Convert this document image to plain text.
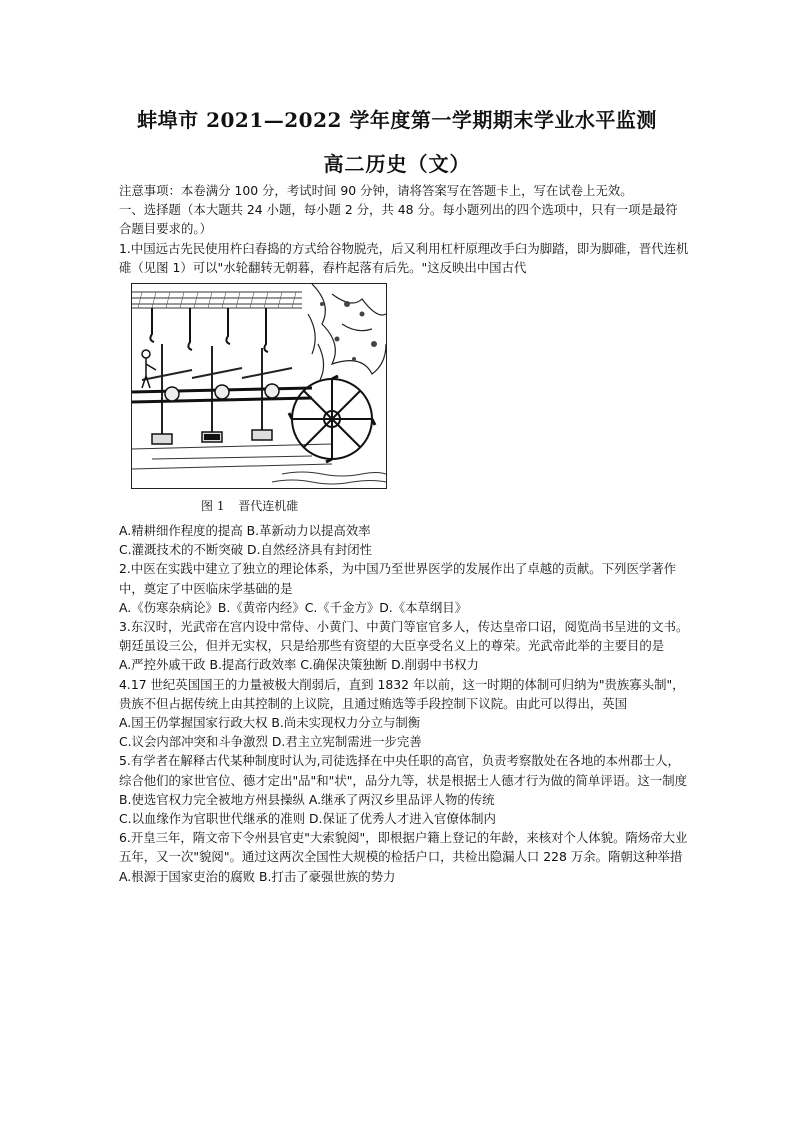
蚌埠市 2021—2022 学年度第一学期期末学业水平监测
高二历史（文）

注意事项：本卷满分 100 分，考试时间 90 分钟，请将答案写在答题卡上，写在试卷上无效。

一、选择题（本大题共 24 小题，每小题 2 分，共 48 分。每小题列出的四个选项中，只有一项是最符合题目要求的。）

1.中国远古先民使用杵臼舂捣的方式给谷物脱壳，后又利用杠杆原理改手臼为脚踏，即为脚碓，晋代连机碓（见图 1）可以"水轮翻转无朝暮，舂杵起落有后先。"这反映出中国古代

图 1 晋代连机碓

A.精耕细作程度的提高 B.革新动力以提高效率

C.灌溉技术的不断突破 D.自然经济具有封闭性

2.中医在实践中建立了独立的理论体系，为中国乃至世界医学的发展作出了卓越的贡献。下列医学著作中，奠定了中医临床学基础的是

A.《伤寒杂病论》B.《黄帝内经》C.《千金方》D.《本草纲目》

3.东汉时，光武帝在宫内设中常侍、小黄门、中黄门等宦官多人，传达皇帝口诏，阅览尚书呈进的文书。朝廷虽设三公，但并无实权，只是给那些有资望的大臣享受名义上的尊荣。光武帝此举的主要目的是

A.严控外戚干政 B.提高行政效率 C.确保决策独断 D.削弱中书权力

4.17 世纪英国国王的力量被极大削弱后，直到 1832 年以前，这一时期的体制可归纳为"贵族寡头制"，贵族不但占据传统上由其控制的上议院，且通过贿选等手段控制下议院。由此可以得出，英国

A.国王仍掌握国家行政大权 B.尚未实现权力分立与制衡

C.议会内部冲突和斗争激烈 D.君主立宪制需进一步完善

5.有学者在解释古代某种制度时认为,司徒选择在中央任职的高官，负责考察散处在各地的本州郡士人，综合他们的家世官位、德才定出"品"和"状"，品分九等，状是根据士人德才行为做的简单评语。这一制度

B.使选官权力完全被地方州县操纵 A.继承了两汉乡里品评人物的传统

C.以血缘作为官职世代继承的准则 D.保证了优秀人才进入官僚体制内

6.开皇三年，隋文帝下令州县官吏"大索貌阅"，即根据户籍上登记的年龄，来核对个人体貌。隋炀帝大业五年，又一次"貌阅"。通过这两次全国性大规模的检括户口，共检出隐漏人口 228 万余。隋朝这种举措

A.根源于国家吏治的腐败 B.打击了豪强世族的势力
